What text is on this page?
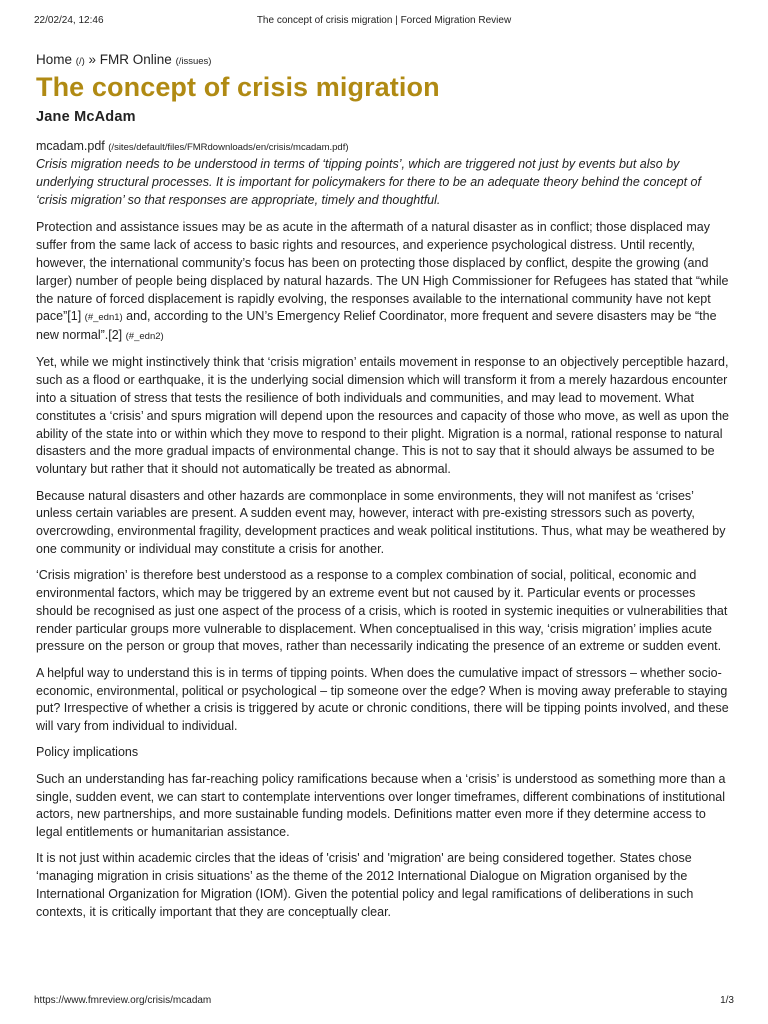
22/02/24, 12:46	The concept of crisis migration | Forced Migration Review
Home (/) » FMR Online (/issues)
The concept of crisis migration
Jane McAdam
mcadam.pdf (/sites/default/files/FMRdownloads/en/crisis/mcadam.pdf)
Crisis migration needs to be understood in terms of ‘tipping points’, which are triggered not just by events but also by underlying structural processes. It is important for policymakers for there to be an adequate theory behind the concept of ‘crisis migration’ so that responses are appropriate, timely and thoughtful.

Protection and assistance issues may be as acute in the aftermath of a natural disaster as in conflict; those displaced may suffer from the same lack of access to basic rights and resources, and experience psychological distress. Until recently, however, the international community’s focus has been on protecting those displaced by conflict, despite the growing (and larger) number of people being displaced by natural hazards. The UN High Commissioner for Refugees has stated that “while the nature of forced displacement is rapidly evolving, the responses available to the international community have not kept pace”[1] (#_edn1) and, according to the UN’s Emergency Relief Coordinator, more frequent and severe disasters may be “the new normal”.[2] (#_edn2)

Yet, while we might instinctively think that ‘crisis migration’ entails movement in response to an objectively perceptible hazard, such as a flood or earthquake, it is the underlying social dimension which will transform it from a merely hazardous encounter into a situation of stress that tests the resilience of both individuals and communities, and may lead to movement. What constitutes a ‘crisis’ and spurs migration will depend upon the resources and capacity of those who move, as well as upon the ability of the state into or within which they move to respond to their plight. Migration is a normal, rational response to natural disasters and the more gradual impacts of environmental change. This is not to say that it should always be assumed to be voluntary but rather that it should not automatically be treated as abnormal.

Because natural disasters and other hazards are commonplace in some environments, they will not manifest as ‘crises’ unless certain variables are present. A sudden event may, however, interact with pre-existing stressors such as poverty, overcrowding, environmental fragility, development practices and weak political institutions. Thus, what may be weathered by one community or individual may constitute a crisis for another.

‘Crisis migration’ is therefore best understood as a response to a complex combination of social, political, economic and environmental factors, which may be triggered by an extreme event but not caused by it. Particular events or processes should be recognised as just one aspect of the process of a crisis, which is rooted in systemic inequities or vulnerabilities that render particular groups more vulnerable to displacement. When conceptualised in this way, ‘crisis migration’ implies acute pressure on the person or group that moves, rather than necessarily indicating the presence of an extreme or sudden event.

A helpful way to understand this is in terms of tipping points. When does the cumulative impact of stressors – whether socio-economic, environmental, political or psychological – tip someone over the edge? When is moving away preferable to staying put? Irrespective of whether a crisis is triggered by acute or chronic conditions, there will be tipping points involved, and these will vary from individual to individual.

Policy implications

Such an understanding has far-reaching policy ramifications because when a ‘crisis’ is understood as something more than a single, sudden event, we can start to contemplate interventions over longer timeframes, different combinations of institutional actors, new partnerships, and more sustainable funding models. Definitions matter even more if they determine access to legal entitlements or humanitarian assistance.

It is not just within academic circles that the ideas of 'crisis' and 'migration' are being considered together. States chose ‘managing migration in crisis situations’ as the theme of the 2012 International Dialogue on Migration organised by the International Organization for Migration (IOM). Given the potential policy and legal ramifications of deliberations in such contexts, it is critically important that they are conceptually clear.

https://www.fmreview.org/crisis/mcadam	1/3
